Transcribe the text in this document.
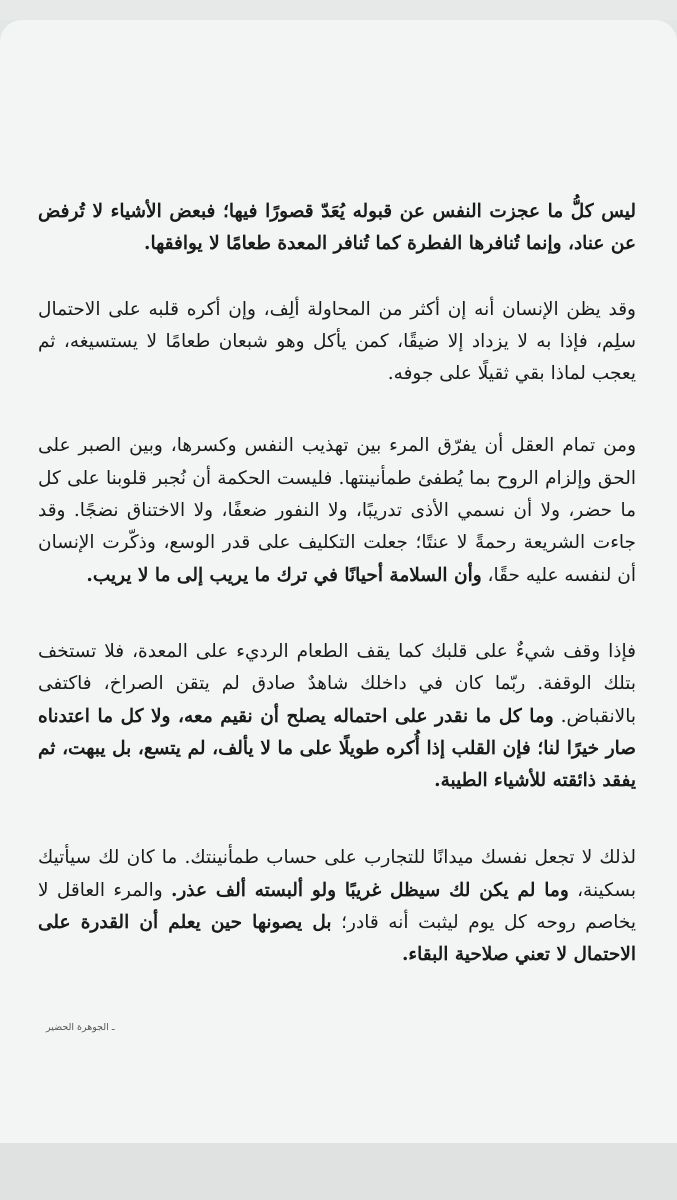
ليس كلُّ ما عجزت النفس عن قبوله يُعَدّ قصورًا فيها؛ فبعض الأشياء لا تُرفض عن عناد، وإنما تُنافرها الفطرة كما تُنافر المعدة طعامًا لا يوافقها.

وقد يظن الإنسان أنه إن أكثر من المحاولة ألِف، وإن أكره قلبه على الاحتمال سلِم، فإذا به لا يزداد إلا ضيقًا، كمن يأكل وهو شبعان طعامًا لا يستسيغه، ثم يعجب لماذا بقي ثقيلًا على جوفه.

ومن تمام العقل أن يفرّق المرء بين تهذيب النفس وكسرها، وبين الصبر على الحق وإلزام الروح بما يُطفئ طمأنينتها. فليست الحكمة أن نُجبر قلوبنا على كل ما حضر، ولا أن نسمي الأذى تدريبًا، ولا النفور ضعفًا، ولا الاختناق نضجًا. وقد جاءت الشريعة رحمةً لا عنتًا؛ جعلت التكليف على قدر الوسع، وذكّرت الإنسان أن لنفسه عليه حقًا، وأن السلامة أحيانًا في ترك ما يريب إلى ما لا يريب.

فإذا وقف شيءٌ على قلبك كما يقف الطعام الرديء على المعدة، فلا تستخف بتلك الوقفة. ربّما كان في داخلك شاهدٌ صادق لم يتقن الصراخ، فاكتفى بالانقباض. وما كل ما نقدر على احتماله يصلح أن نقيم معه، ولا كل ما اعتدناه صار خيرًا لنا؛ فإن القلب إذا أُكره طويلًا على ما لا يألف، لم يتسع، بل يبهت، ثم يفقد ذائقته للأشياء الطيبة.

لذلك لا تجعل نفسك ميدانًا للتجارب على حساب طمأنينتك. ما كان لك سيأتيك بسكينة، وما لم يكن لك سيظل غريبًا ولو ألبسته ألف عذر. والمرء العاقل لا يخاصم روحه كل يوم ليثبت أنه قادر؛ بل يصونها حين يعلم أن القدرة على الاحتمال لا تعني صلاحية البقاء.

ـ الجوهرة الحضير
